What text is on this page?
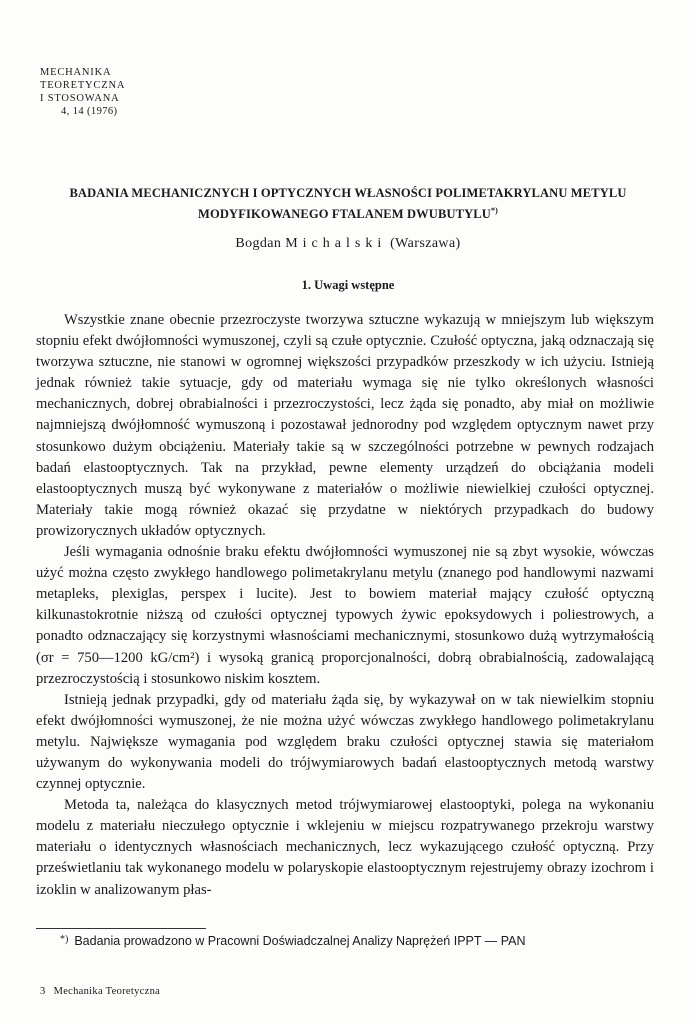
MECHANIKA
TEORETYCZNA
I STOSOWANA
4, 14 (1976)
BADANIA MECHANICZNYCH I OPTYCZNYCH WŁASNOŚCI POLIMETAKRYLANU METYLU
MODYFIKOWANEGO FTALANEM DWUBUTYLU*)
Bogdan Michalski (Warszawa)
1. Uwagi wstępne

Wszystkie znane obecnie przezroczyste tworzywa sztuczne wykazują w mniejszym lub większym stopniu efekt dwójłomności wymuszonej, czyli są czułe optycznie. Czułość optyczna, jaką odznaczają się tworzywa sztuczne, nie stanowi w ogromnej większości przypadków przeszkody w ich użyciu. Istnieją jednak również takie sytuacje, gdy od materiału wymaga się nie tylko określonych własności mechanicznych, dobrej obrabialności i przezroczystości, lecz żąda się ponadto, aby miał on możliwie najmniejszą dwójłomność wymuszoną i pozostawał jednorodny pod względem optycznym nawet przy stosunkowo dużym obciążeniu. Materiały takie są w szczególności potrzebne w pewnych rodzajach badań elastooptycznych. Tak na przykład, pewne elementy urządzeń do obciążania modeli elastooptycznych muszą być wykonywane z materiałów o możliwie niewielkiej czułości optycznej. Materiały takie mogą również okazać się przydatne w niektórych przypadkach do budowy prowizorycznych układów optycznych.

Jeśli wymagania odnośnie braku efektu dwójłomności wymuszonej nie są zbyt wysokie, wówczas użyć można często zwykłego handlowego polimetakrylanu metylu (znanego pod handlowymi nazwami metapleks, plexiglas, perspex i lucite). Jest to bowiem materiał mający czułość optyczną kilkunastokrotnie niższą od czułości optycznej typowych żywic epoksydowych i poliestrowych, a ponadto odznaczający się korzystnymi własnościami mechanicznymi, stosunkowo dużą wytrzymałością (σr = 750—1200 kG/cm²) i wysoką granicą proporcjonalności, dobrą obrabialnością, zadowalającą przezroczystością i stosunkowo niskim kosztem.

Istnieją jednak przypadki, gdy od materiału żąda się, by wykazywał on w tak niewielkim stopniu efekt dwójłomności wymuszonej, że nie można użyć wówczas zwykłego handlowego polimetakrylanu metylu. Największe wymagania pod względem braku czułości optycznej stawia się materiałom używanym do wykonywania modeli do trójwymiarowych badań elastooptycznych metodą warstwy czynnej optycznie.

Metoda ta, należąca do klasycznych metod trójwymiarowej elastooptyki, polega na wykonaniu modelu z materiału nieczułego optycznie i wklejeniu w miejscu rozpatrywanego przekroju warstwy materiału o identycznych własnościach mechanicznych, lecz wykazującego czułość optyczną. Przy prześwietlaniu tak wykonanego modelu w polaryskopie elastooptycznym rejestrujemy obrazy izochrom i izoklin w analizowanym płas-

*) Badania prowadzono w Pracowni Doświadczalnej Analizy Naprężeń IPPT — PAN
3 Mechanika Teoretyczna
